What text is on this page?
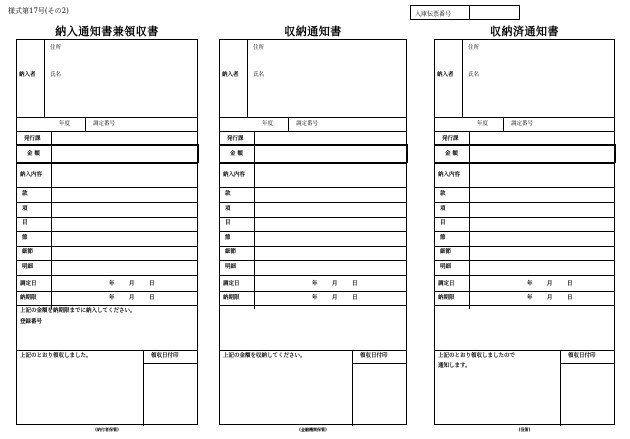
様式第17号(その2)	入庫伝票番号
納入通知書兼領収書
納入者
住所
氏名
年度	調定番号
発行課
金 額
納入内容
款
項
目
節
細節
明細
調定日	年	月	日
納期限	年	月	日
上記の金額を納期限までに納入してください。
登録番号
上記のとおり領収しました。	領収日付印
(納付者保管)
収納通知書
納入者
住所
氏名
年度	調定番号
発行課
金 額
納入内容
款
項
目
節
細節
明細
調定日	年	月	日
納期限	年	月	日
上記の金額を収納してください。	領収日付印
(金融機関保管)
収納済通知書
納入者
住所
氏名
年度	調定番号
発行課
金 額
納入内容
款
項
目
節
細節
明細
調定日	年	月	日
納期限	年	月	日
上記のとおり領収しましたので
通知します。
領収日付印
(役管)
